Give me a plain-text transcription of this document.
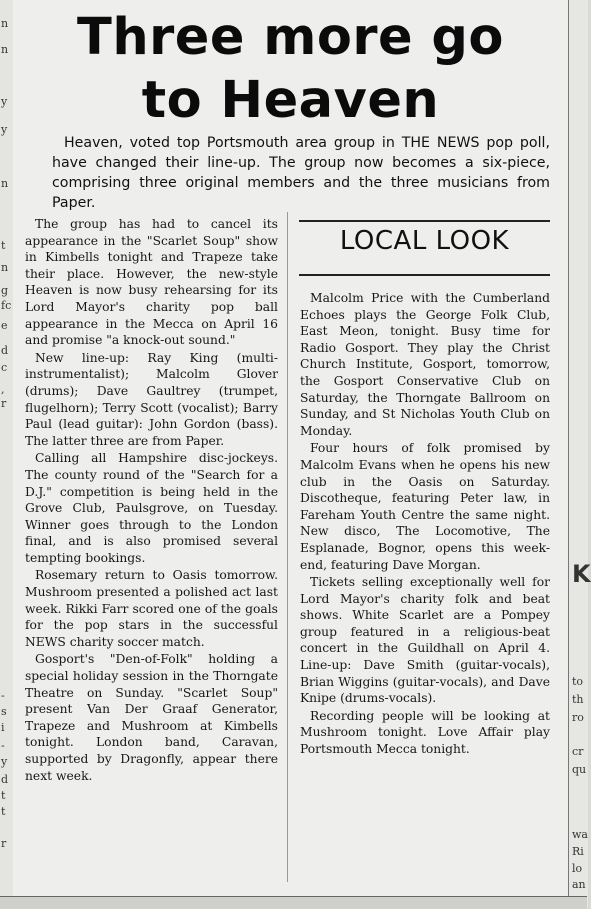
n
n
y
y
n
t
n
g
fc
e
d
c
,
r
-
s
i
-
y
d
t
t
r
K
to
th
ro
cr
qu
wa
Ri
lo
an
Three more go
to Heaven
Heaven, voted top Portsmouth area group in THE NEWS pop poll, have changed their line-up. The group now becomes a six-piece, comprising three original members and the three musicians from Paper.

The group has had to cancel its appearance in the "Scarlet Soup" show in Kimbells tonight and Trapeze take their place. However, the new-style Heaven is now busy rehearsing for its Lord Mayor's charity pop ball appearance in the Mecca on April 16 and promise "a knock-out sound."

New line-up: Ray King (multi-instrumentalist); Malcolm Glover (drums); Dave Gaultrey (trumpet, flugelhorn); Terry Scott (vocalist); Barry Paul (lead guitar): John Gordon (bass). The latter three are from Paper.

Calling all Hampshire disc-jockeys. The county round of the "Search for a D.J." competition is being held in the Grove Club, Paulsgrove, on Tuesday. Winner goes through to the London final, and is also promised several tempting bookings.

Rosemary return to Oasis tomorrow. Mushroom presented a polished act last week. Rikki Farr scored one of the goals for the pop stars in the successful NEWS charity soccer match.

Gosport's "Den-of-Folk" holding a special holiday session in the Thorngate Theatre on Sunday. "Scarlet Soup" present Van Der Graaf Generator, Trapeze and Mushroom at Kimbells tonight. London band, Caravan, supported by Dragonfly, appear there next week.

LOCAL LOOK

Malcolm Price with the Cumberland Echoes plays the George Folk Club, East Meon, tonight. Busy time for Radio Gosport. They play the Christ Church Institute, Gosport, tomorrow, the Gosport Conservative Club on Saturday, the Thorngate Ballroom on Sunday, and St Nicholas Youth Club on Monday.

Four hours of folk promised by Malcolm Evans when he opens his new club in the Oasis on Saturday. Discotheque, featuring Peter law, in Fareham Youth Centre the same night. New disco, The Locomotive, The Esplanade, Bognor, opens this week-end, featuring Dave Morgan.

Tickets selling exceptionally well for Lord Mayor's charity folk and beat shows. White Scarlet are a Pompey group featured in a religious-beat concert in the Guildhall on April 4. Line-up: Dave Smith (guitar-vocals), Brian Wiggins (guitar-vocals), and Dave Knipe (drums-vocals).

Recording people will be looking at Mushroom tonight. Love Affair play Portsmouth Mecca tonight.
